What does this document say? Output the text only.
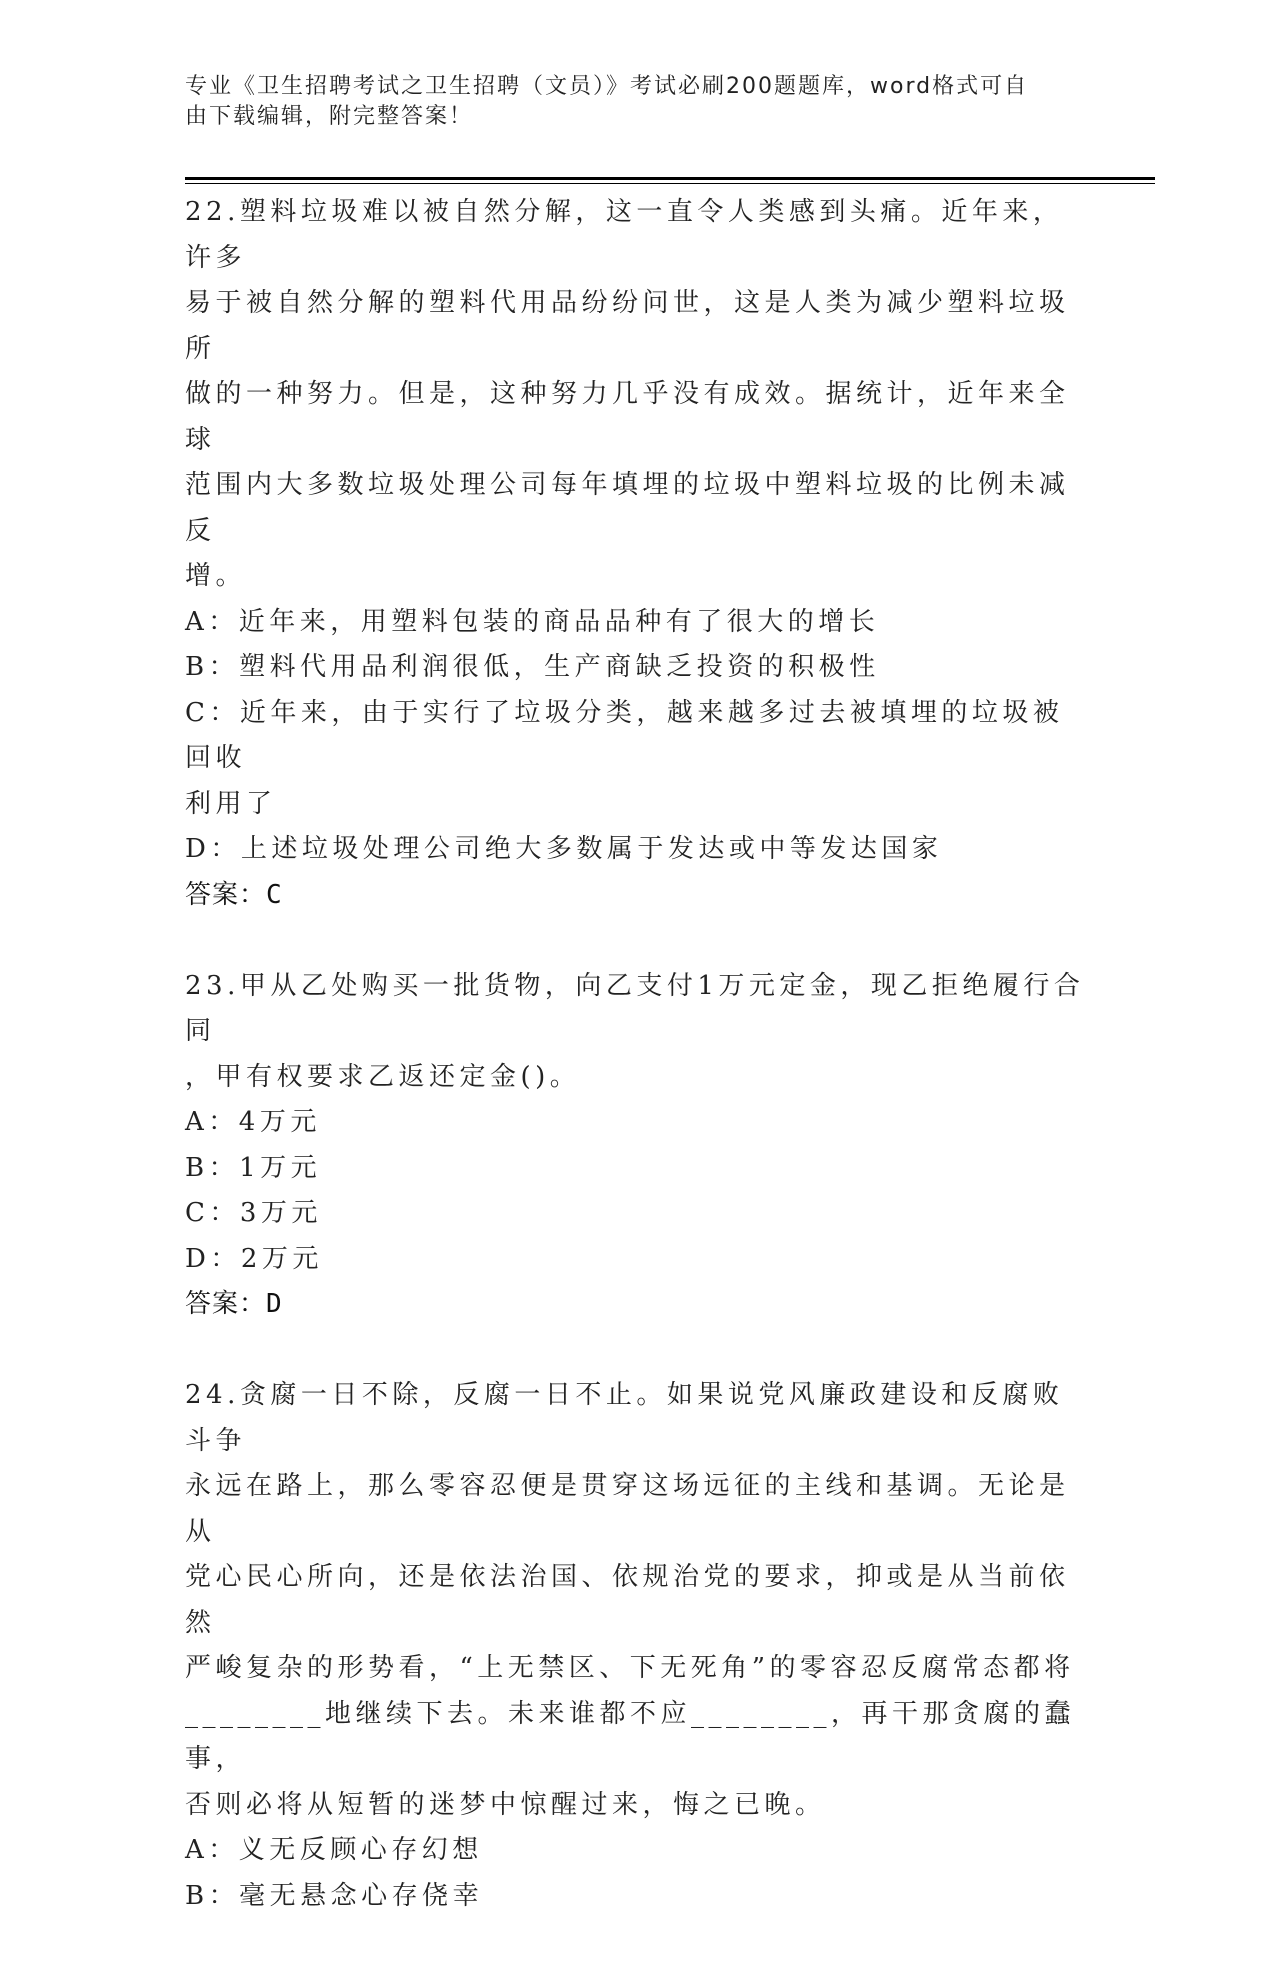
专业《卫生招聘考试之卫生招聘（文员）》考试必刷200题题库，word格式可自
由下载编辑，附完整答案！

22.塑料垃圾难以被自然分解，这一直令人类感到头痛。近年来，许多

易于被自然分解的塑料代用品纷纷问世，这是人类为减少塑料垃圾所

做的一种努力。但是，这种努力几乎没有成效。据统计，近年来全球

范围内大多数垃圾处理公司每年填埋的垃圾中塑料垃圾的比例未减反

增。

A：近年来，用塑料包装的商品品种有了很大的增长

B：塑料代用品利润很低，生产商缺乏投资的积极性

C：近年来，由于实行了垃圾分类，越来越多过去被填埋的垃圾被回收

利用了

D：上述垃圾处理公司绝大多数属于发达或中等发达国家

答案：C

23.甲从乙处购买一批货物，向乙支付1万元定金，现乙拒绝履行合同

，甲有权要求乙返还定金()。

A：4万元

B：1万元

C：3万元

D：2万元

答案：D

24.贪腐一日不除，反腐一日不止。如果说党风廉政建设和反腐败斗争

永远在路上，那么零容忍便是贯穿这场远征的主线和基调。无论是从

党心民心所向，还是依法治国、依规治党的要求，抑或是从当前依然

严峻复杂的形势看，“上无禁区、下无死角”的零容忍反腐常态都将

________地继续下去。未来谁都不应________，再干那贪腐的蠢事，

否则必将从短暂的迷梦中惊醒过来，悔之已晚。

A：义无反顾心存幻想

B：毫无悬念心存侥幸
